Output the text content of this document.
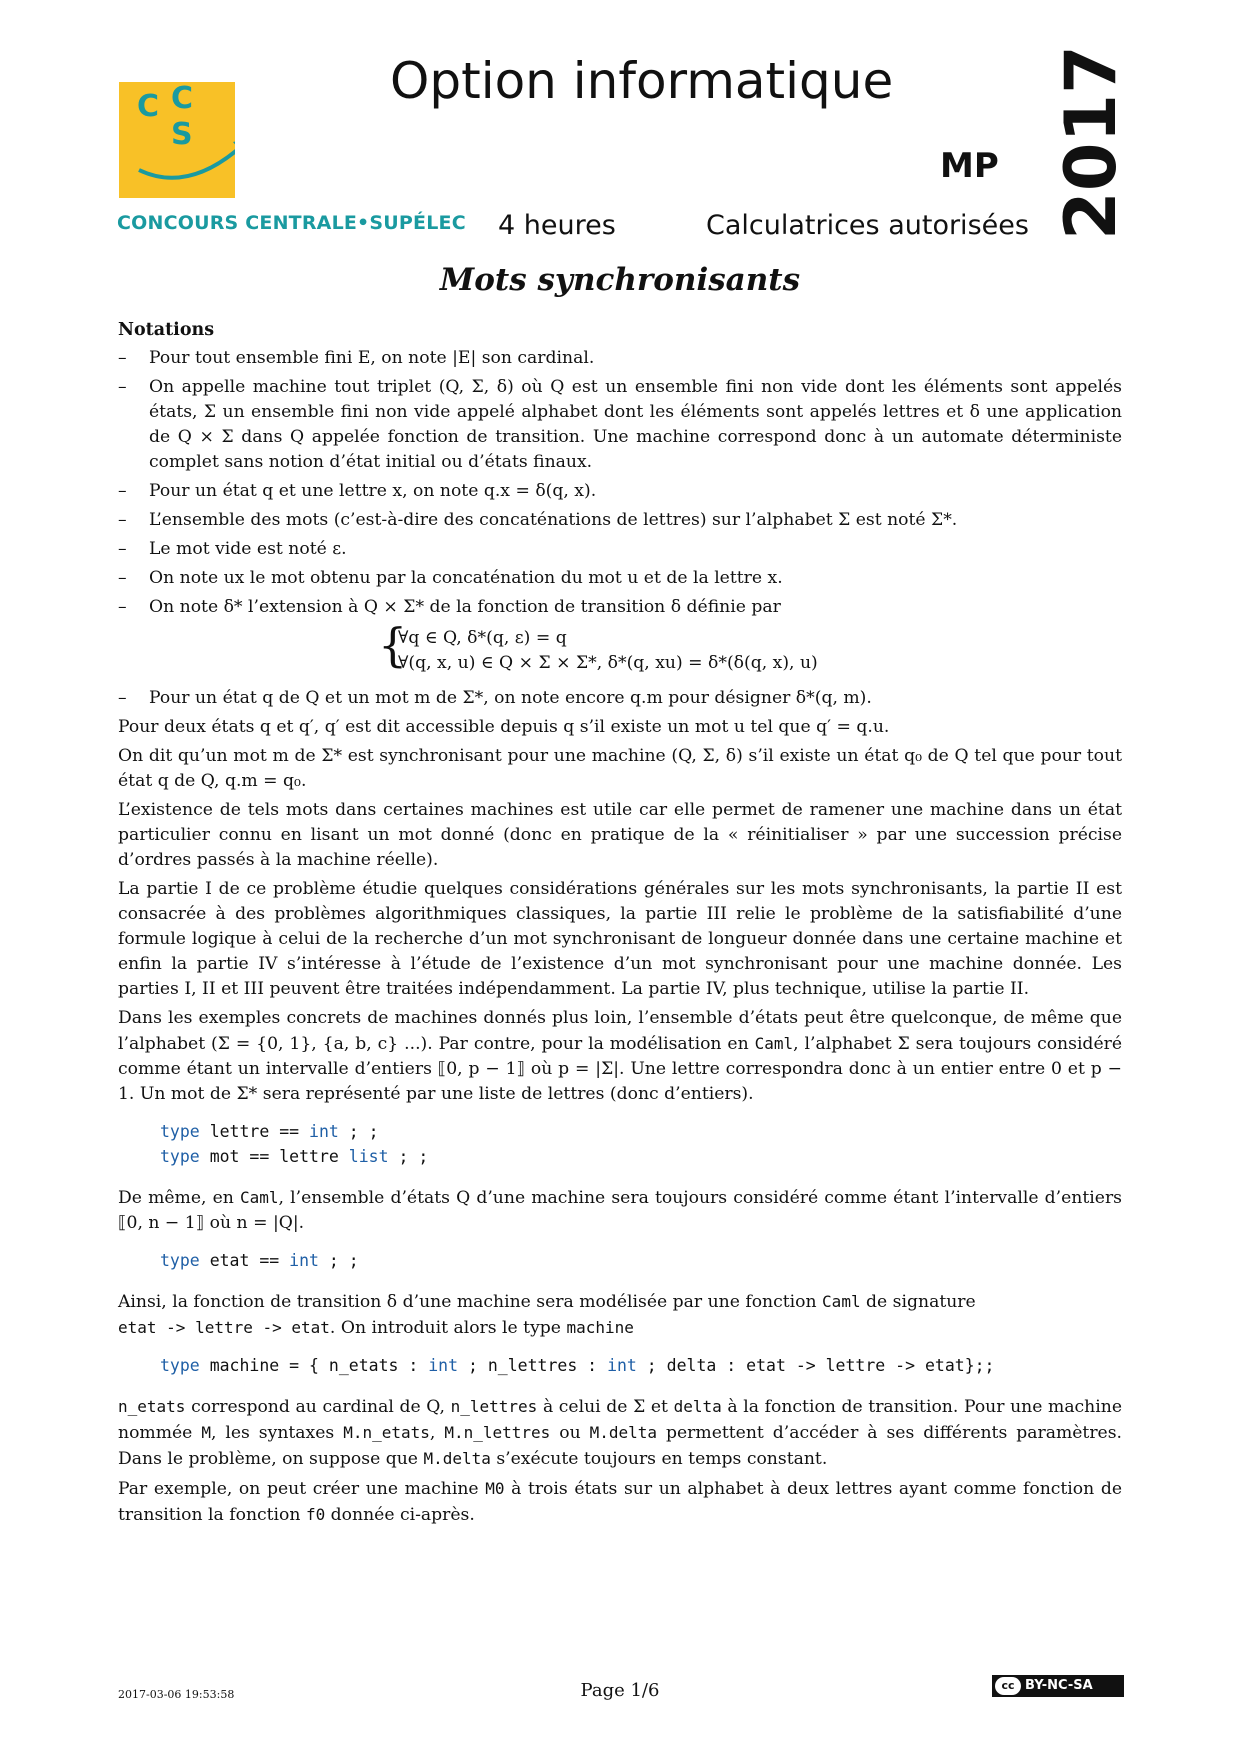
C C
S
CONCOURS CENTRALE•SUPÉLEC
Option informatique
MP 2017
4 heures	Calculatrices autorisées
Mots synchronisants
Notations
– Pour tout ensemble fini E, on note |E| son cardinal.
– On appelle machine tout triplet (Q, Σ, δ) où Q est un ensemble fini non vide dont les éléments sont appelés états, Σ un ensemble fini non vide appelé alphabet dont les éléments sont appelés lettres et δ une application de Q × Σ dans Q appelée fonction de transition. Une machine correspond donc à un automate déterministe complet sans notion d’état initial ou d’états finaux.
– Pour un état q et une lettre x, on note q.x = δ(q, x).
– L’ensemble des mots (c’est-à-dire des concaténations de lettres) sur l’alphabet Σ est noté Σ*.
– Le mot vide est noté ε.
– On note ux le mot obtenu par la concaténation du mot u et de la lettre x.
– On note δ* l’extension à Q × Σ* de la fonction de transition δ définie par
{
∀q ∈ Q, δ*(q, ε) = q
∀(q, x, u) ∈ Q × Σ × Σ*, δ*(q, xu) = δ*(δ(q, x), u)
– Pour un état q de Q et un mot m de Σ*, on note encore q.m pour désigner δ*(q, m).

Pour deux états q et q′, q′ est dit accessible depuis q s’il existe un mot u tel que q′ = q.u.

On dit qu’un mot m de Σ* est synchronisant pour une machine (Q, Σ, δ) s’il existe un état q₀ de Q tel que pour tout état q de Q, q.m = q₀.

L’existence de tels mots dans certaines machines est utile car elle permet de ramener une machine dans un état particulier connu en lisant un mot donné (donc en pratique de la « réinitialiser » par une succession précise d’ordres passés à la machine réelle).

La partie I de ce problème étudie quelques considérations générales sur les mots synchronisants, la partie II est consacrée à des problèmes algorithmiques classiques, la partie III relie le problème de la satisfiabilité d’une formule logique à celui de la recherche d’un mot synchronisant de longueur donnée dans une certaine machine et enfin la partie IV s’intéresse à l’étude de l’existence d’un mot synchronisant pour une machine donnée. Les parties I, II et III peuvent être traitées indépendamment. La partie IV, plus technique, utilise la partie II.

Dans les exemples concrets de machines donnés plus loin, l’ensemble d’états peut être quelconque, de même que l’alphabet (Σ = {0, 1}, {a, b, c} ...). Par contre, pour la modélisation en Caml, l’alphabet Σ sera toujours considéré comme étant un intervalle d’entiers ⟦0, p − 1⟧ où p = |Σ|. Une lettre correspondra donc à un entier entre 0 et p − 1. Un mot de Σ* sera représenté par une liste de lettres (donc d’entiers).

type lettre == int ; ;
type mot == lettre list ; ;

De même, en Caml, l’ensemble d’états Q d’une machine sera toujours considéré comme étant l’intervalle d’entiers ⟦0, n − 1⟧ où n = |Q|.

type etat == int ; ;

Ainsi, la fonction de transition δ d’une machine sera modélisée par une fonction Caml de signature
etat -> lettre -> etat. On introduit alors le type machine

type machine = { n_etats : int ; n_lettres : int ; delta : etat -> lettre -> etat};;

n_etats correspond au cardinal de Q, n_lettres à celui de Σ et delta à la fonction de transition. Pour une machine nommée M, les syntaxes M.n_etats, M.n_lettres ou M.delta permettent d’accéder à ses différents paramètres. Dans le problème, on suppose que M.delta s’exécute toujours en temps constant.

Par exemple, on peut créer une machine M0 à trois états sur un alphabet à deux lettres ayant comme fonction de transition la fonction f0 donnée ci-après.

2017-03-06 19:53:58	Page 1/6	cc BY-NC-SA
